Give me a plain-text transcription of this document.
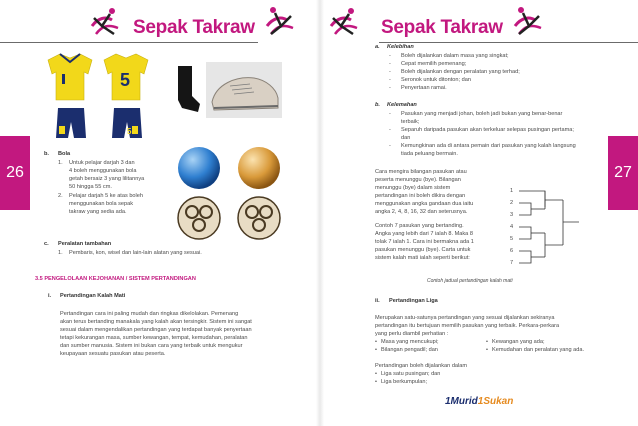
Sepak Takraw
5
5
b. Bola
1. Untuk pelajar darjah 3 dan
4 boleh menggunakan bola
getah bersaiz 3 yang lilitannya
50 hingga 55 cm.
2. Pelajar darjah 5 ke atas boleh
menggunakan bola sepak
takraw yang sedia ada.
c. Peralatan tambahan
1. Pembaris, kon, wisel dan lain-lain alatan yang sesuai.
3.5 PENGELOLAAN KEJOHANAN / SISTEM PERTANDINGAN
i. Pertandingan Kalah Mati
Pertandingan cara ini paling mudah dan ringkas dikelolakan. Pemenang
akan terus bertanding manakala yang kalah akan tersingkir. Sistem ini sangat
sesuai dalam mengendalikan pertandingan yang terdapat banyak penyertaan
tetapi kekurangan masa, sumber kewangan, tempat, kemudahan, peralatan
dan sumber manusia. Sistem ini bukan cara yang terbaik untuk mengukur
keupayaan sesuatu pasukan atau peserta.
26
Sepak Takraw
a. Kelebihan
- Boleh dijalankan dalam masa yang singkat;
- Cepat memilih pemenang;
- Boleh dijalankan dengan peralatan yang terhad;
- Seronok untuk ditonton; dan
- Penyertaan ramai.
b. Kelemahan
- Pasukan yang menjadi johan, boleh jadi bukan yang benar-benar
terbaik;
- Separuh daripada pasukan akan terkeluar selepas pusingan pertama;
dan
- Kemungkinan ada di antara pemain dari pasukan yang kalah langsung
tiada peluang bermain.
Cara mengira bilangan pasukan atau
peserta menunggu (bye). Bilangan
menunggu (bye) dalam sistem
pertandingan ini boleh dikira dengan
menggunakan angka gandaan dua iaitu
angka 2, 4, 8, 16, 32 dan seterusnya.
Contoh 7 pasukan yang bertanding.
Angka yang lebih dari 7 ialah 8. Maka 8
tolak 7 ialah 1. Cara ini bermakna ada 1
pasukan menunggu (bye). Carta untuk
sistem kalah mati ialah seperti berikut:
1
2
3
4
5
6
7
Contoh jadual pertandingan kalah mati
ii. Pertandingan Liga
Merupakan satu-satunya pertandingan yang sesuai dijalankan sekiranya
pertandingan itu bertujuan memilih pasukan yang terbaik. Perkara-perkara
yang perlu diambil perhatian :
• Masa yang mencukupi;
• Bilangan pengadil; dan
• Kewangan yang ada;
• Kemudahan dan peralatan yang ada.
Pertandingan boleh dijalankan dalam
• Liga satu pusingan; dan
• Liga berkumpulan;
1Murid1Sukan
27
